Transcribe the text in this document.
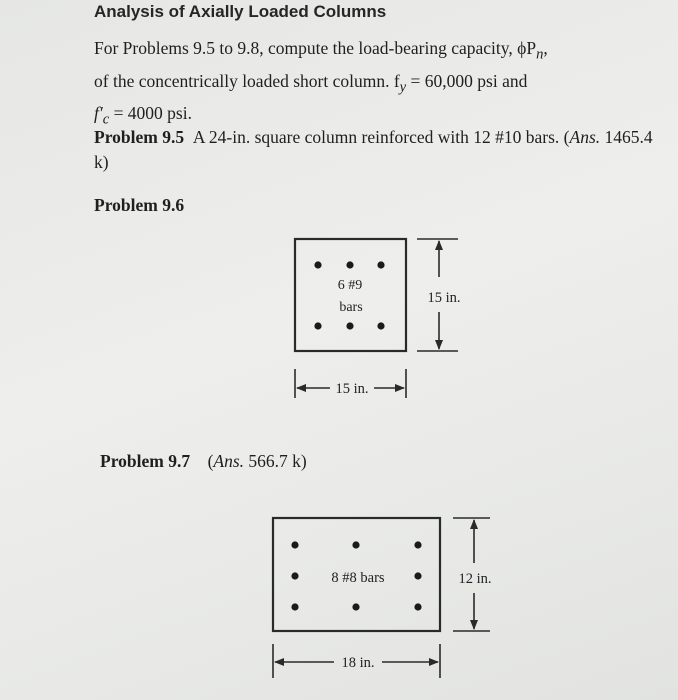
Analysis of Axially Loaded Columns
For Problems 9.5 to 9.8, compute the load-bearing capacity, $\phi P_n$,
of the concentrically loaded short column. $f_y = 60,000$ psi and
$f'_c = 4000$ psi.
Problem 9.5 A 24-in. square column reinforced with 12 #10 bars. (Ans. 1465.4 k)
Problem 9.6
Problem 9.7 (Ans. 566.7 k)
6 #9
bars
15 in.
15 in.
8 #8 bars	12 in.
18 in.
